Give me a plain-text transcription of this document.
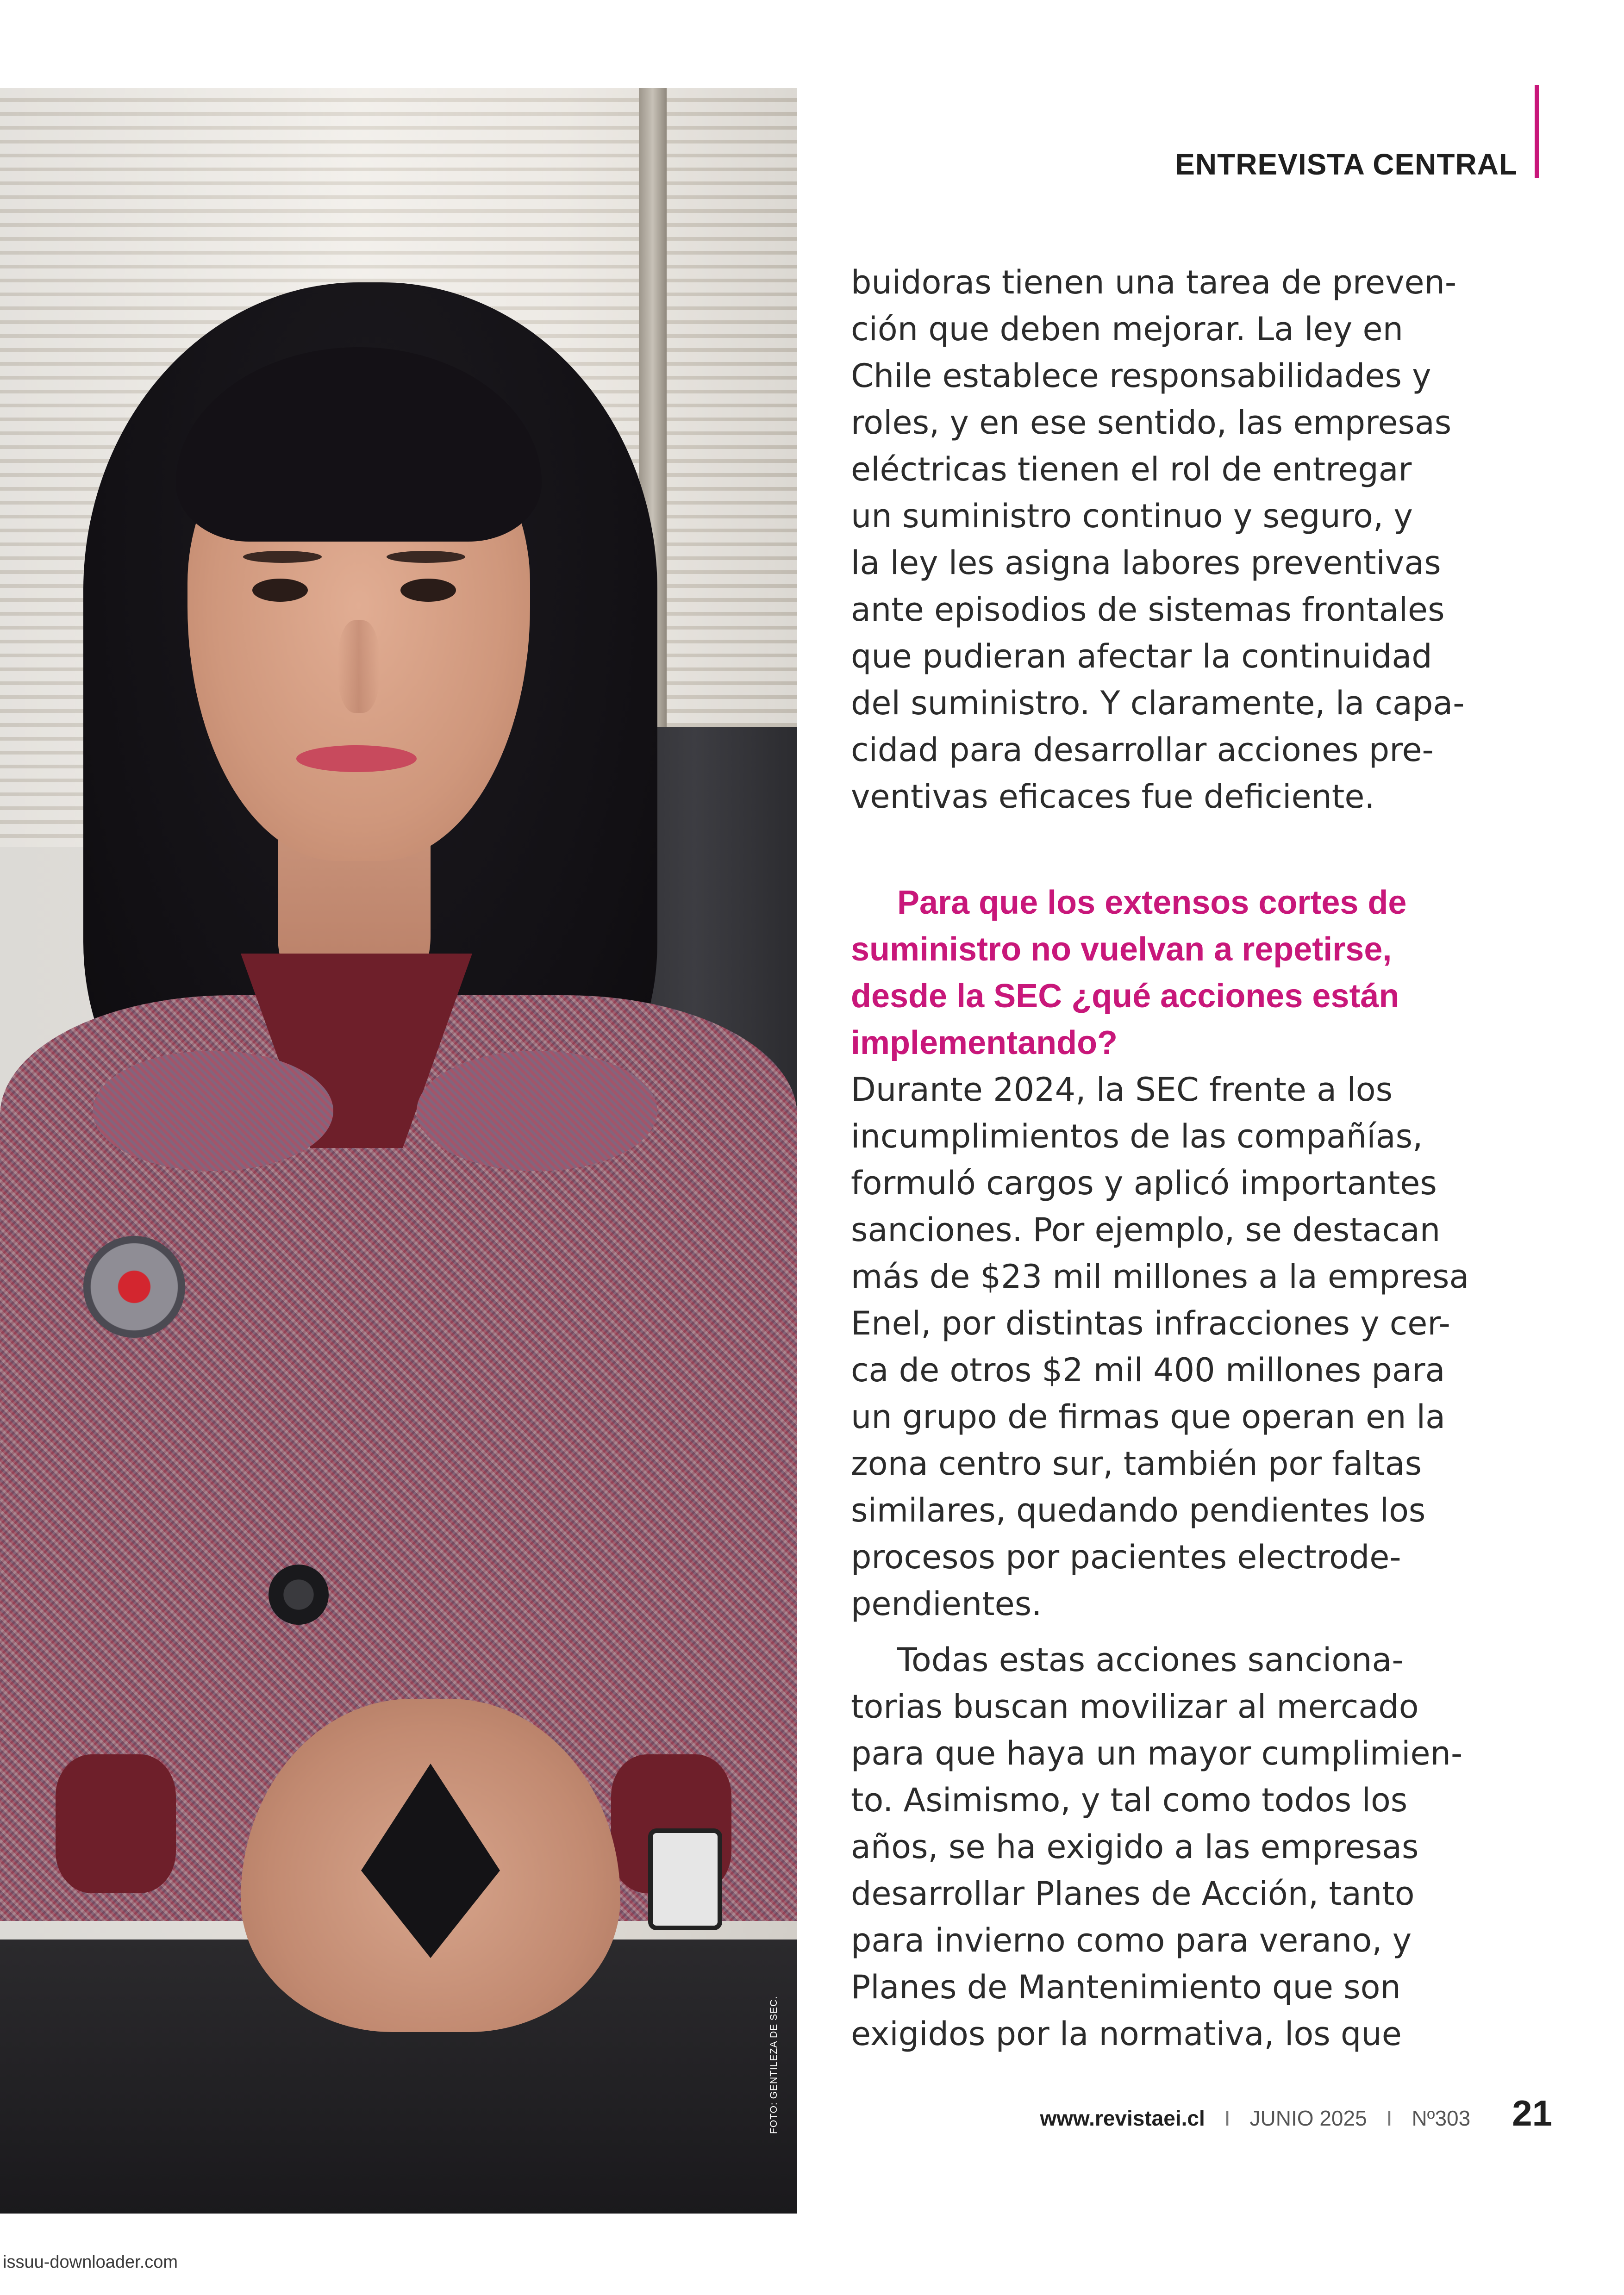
FOTO: GENTILEZA DE SEC.
ENTREVISTA CENTRAL

buidoras tienen una tarea de preven-
ción que deben mejorar. La ley en
Chile establece responsabilidades y
roles, y en ese sentido, las empresas
eléctricas tienen el rol de entregar
un suministro continuo y seguro, y
la ley les asigna labores preventivas
ante episodios de sistemas frontales
que pudieran afectar la continuidad
del suministro. Y claramente, la capa-
cidad para desarrollar acciones pre-
ventivas eficaces fue deficiente.

Para que los extensos cortes de
suministro no vuelvan a repetirse,
desde la SEC ¿qué acciones están
implementando?

Durante 2024, la SEC frente a los
incumplimientos de las compañías,
formuló cargos y aplicó importantes
sanciones. Por ejemplo, se destacan
más de $23 mil millones a la empresa
Enel, por distintas infracciones y cer-
ca de otros $2 mil 400 millones para
un grupo de firmas que operan en la
zona centro sur, también por faltas
similares, quedando pendientes los
procesos por pacientes electrode-
pendientes.

Todas estas acciones sanciona-
torias buscan movilizar al mercado
para que haya un mayor cumplimien-
to. Asimismo, y tal como todos los
años, se ha exigido a las empresas
desarrollar Planes de Acción, tanto
para invierno como para verano, y
Planes de Mantenimiento que son
exigidos por la normativa, los que

www.revistaei.cl I JUNIO 2025 I Nº303 21
issuu-downloader.com
